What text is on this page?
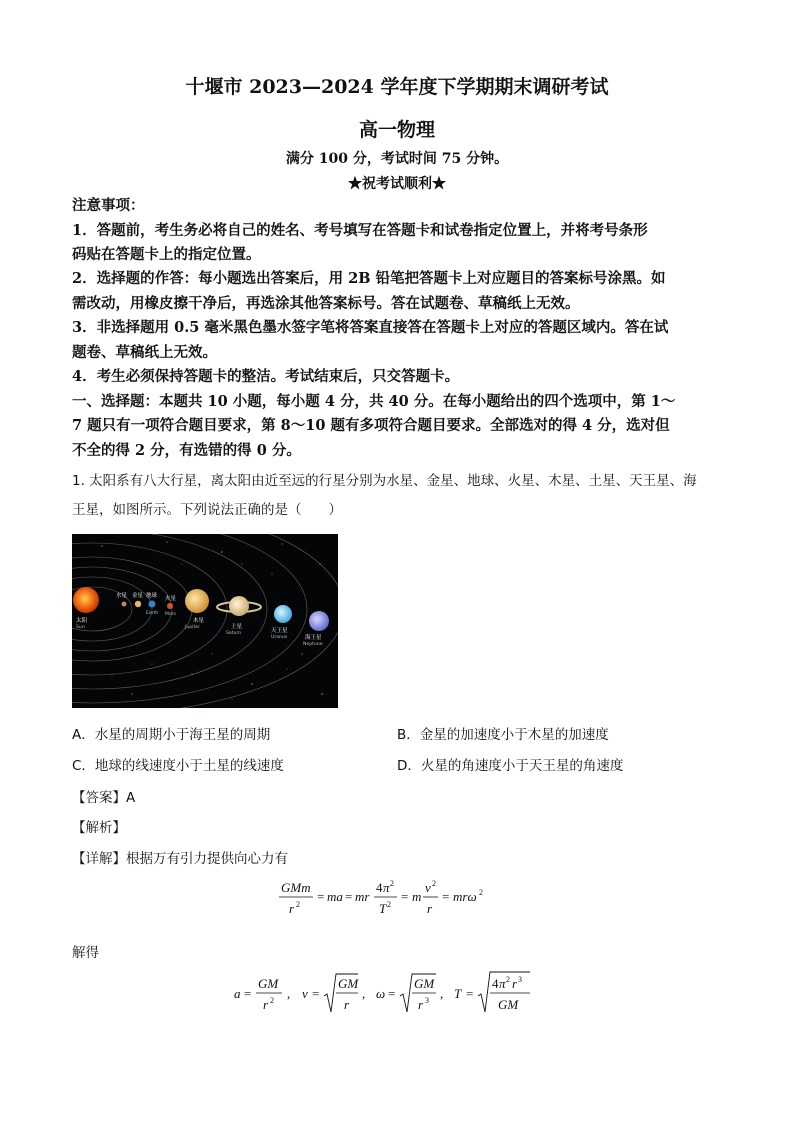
十堰市 2023—2024 学年度下学期期末调研考试
高一物理
满分 100 分，考试时间 75 分钟。
★祝考试顺利★
注意事项：
1．答题前，考生务必将自己的姓名、考号填写在答题卡和试卷指定位置上，并将考号条形
码贴在答题卡上的指定位置。
2．选择题的作答：每小题选出答案后，用 2B 铅笔把答题卡上对应题目的答案标号涂黑。如
需改动，用橡皮擦干净后，再选涂其他答案标号。答在试题卷、草稿纸上无效。
3．非选择题用 0.5 毫米黑色墨水签字笔将答案直接答在答题卡上对应的答题区域内。答在试
题卷、草稿纸上无效。
4．考生必须保持答题卡的整洁。考试结束后，只交答题卡。
一、选择题：本题共 10 小题，每小题 4 分，共 40 分。在每小题给出的四个选项中，第 1～
7 题只有一项符合题目要求，第 8～10 题有多项符合题目要求。全部选对的得 4 分，选对但
不全的得 2 分，有选错的得 0 分。
1. 太阳系有八大行星，离太阳由近至远的行星分别为水星、金星、地球、火星、木星、土星、天王星、海
王星，如图所示。下列说法正确的是（　　）
太阳
Sun
水星 金星 地球
Earth
火星
Mars
木星
Jupiter	土星
Saturn	天王星
Uranus	海王星
Neptune
A．水星的周期小于海王星的周期	B．金星的加速度小于木星的加速度
C．地球的线速度小于土星的线速度	D．火星的角速度小于天王星的角速度
【答案】A
【解析】
【详解】根据万有引力提供向心力有
GMm
r 2
= ma = mr
4 π 2
T 2
= m
v 2
r
= mrω 2
解得
a =
GM
r 2 , v =
GM
r
, ω =
GM
r 3 , T =
4 π 2 r 3
GM
